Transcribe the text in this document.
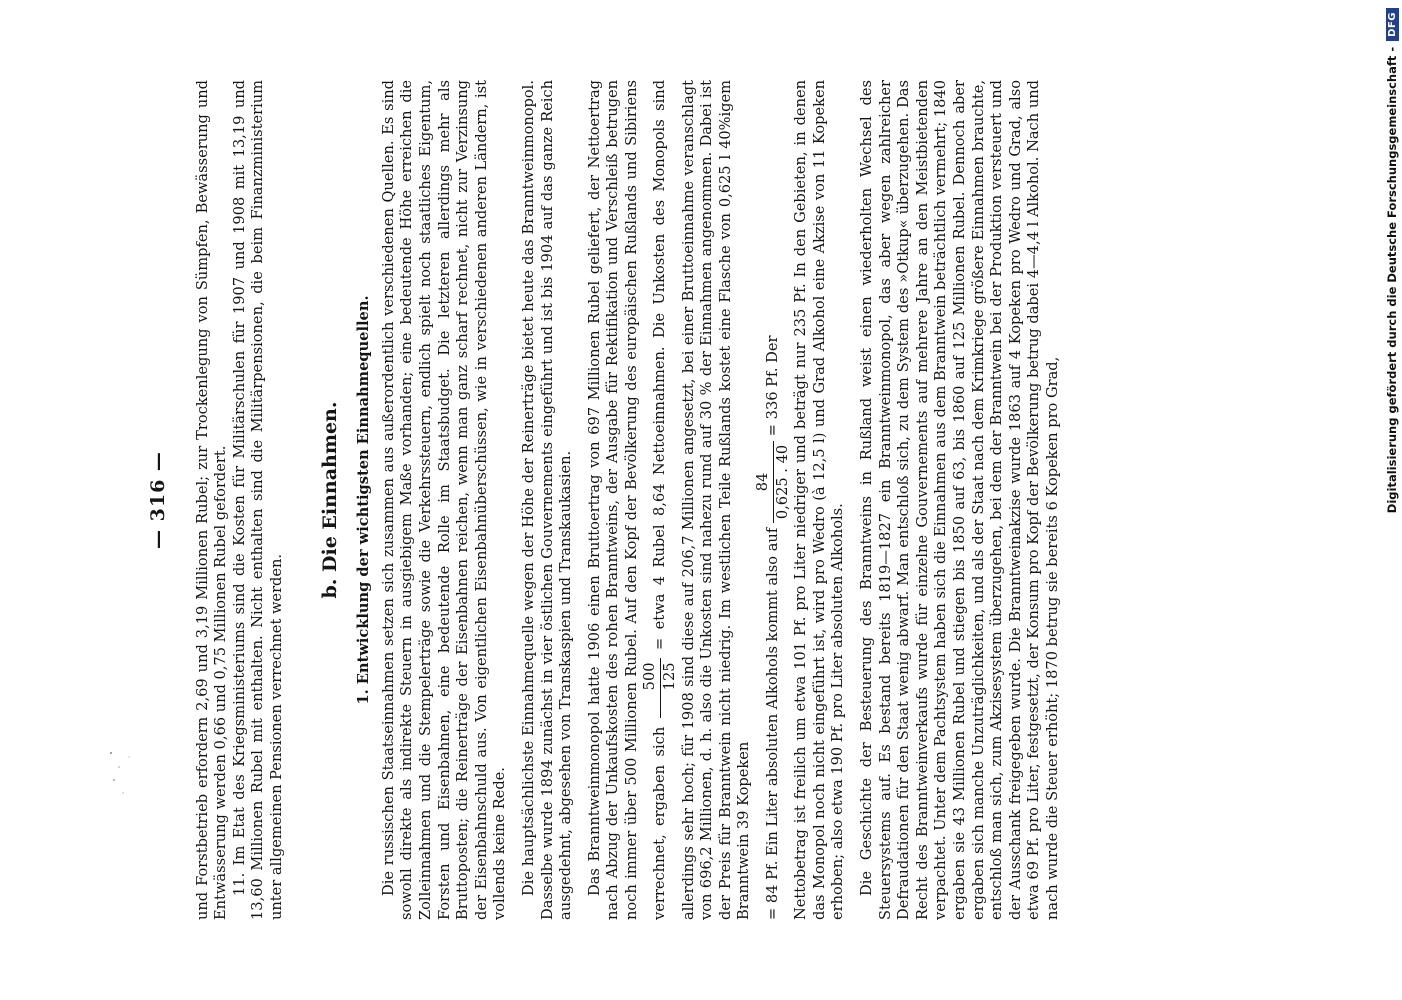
— 316 — und Forstbetrieb erfordern 2,69 und 3,19 Millionen Rubel; zur Trockenlegung von Sümpfen, Bewässerung und Entwässerung werden 0,66 und 0,75 Millionen Rubel gefordert. 11. Im Etat des Kriegsministeriums sind die Kosten für Militärschulen für 1907 und 1908 mit 13,19 und 13,60 Millionen Rubel mit enthalten. Nicht enthalten sind die Militärpensionen, die beim Finanzministerium unter allgemeinen Pensionen verrechnet werden.

b. Die Einnahmen. 1. Entwicklung der wichtigsten Einnahmequellen. Die russischen Staatseinnahmen setzen sich zusammen aus außerordentlich verschiedenen Quellen. Es sind sowohl direkte als indirekte Steuern in ausgiebigem Maße vorhanden; eine bedeutende Höhe erreichen die Zolleinnahmen und die Stempelerträge sowie die Verkehrssteuern, endlich spielt noch staatliches Eigentum, Forsten und Eisenbahnen, eine bedeutende Rolle im Staatsbudget. Die letzteren allerdings mehr als Bruttoposten; die Reinerträge der Eisenbahnen reichen, wenn man ganz scharf rechnet, nicht zur Verzinsung der Eisenbahnschuld aus. Von eigentlichen Eisenbahnüberschüssen, wie in verschiedenen anderen Ländern, ist vollends keine Rede. Die hauptsächlichste Einnahmequelle wegen der Höhe der Reinerträge bietet heute das Branntweinmonopol. Dasselbe wurde 1894 zunächst in vier östlichen Gouvernements eingeführt und ist bis 1904 auf das ganze Reich ausgedehnt, abgesehen von Transkaspien und Transkaukasien. Das Branntweinmonopol hatte 1906 einen Bruttoertrag von 697 Millionen Rubel geliefert, der Nettoertrag nach Abzug der Unkaufskosten des rohen Branntweins, der Ausgabe für Rektifikation und Verschleiß betrugen noch immer über 500 Millionen Rubel. Auf den Kopf der Bevölkerung des europäischen Rußlands und Sibiriens verrechnet, ergaben sich
500 125
= etwa 4 Rubel 8,64 Nettoeinnahmen. Die Unkosten des Monopols sind allerdings sehr hoch; für 1908 sind diese auf 206,7 Millionen angesetzt, bei einer Bruttoeinnahme veranschlagt von 696,2 Millionen, d. h. also die Unkosten sind nahezu rund auf 30 % der Einnahmen angenommen. Dabei ist der Preis für Branntwein nicht niedrig. Im westlichen Teile Rußlands kostet eine Flasche von 0,625 l 40%igem Branntwein 39 Kopeken = 84 Pf. Ein Liter absoluten Alkohols kommt also auf
84 0,625 . 40
= 336 Pf. Der Nettobetrag ist freilich um etwa 101 Pf. pro Liter niedriger und beträgt nur 235 Pf. In den Gebieten, in denen das Monopol noch nicht eingeführt ist, wird pro Wedro (à 12,5 l) und Grad Alkohol eine Akzise von 11 Kopeken erhoben; also etwa 190 Pf. pro Liter absoluten Alkohols. Die Geschichte der Besteuerung des Branntweins in Rußland weist einen wiederholten Wechsel des Steuersystems auf. Es bestand bereits 1819—1827 ein Branntweinmonopol, das aber wegen zahlreicher Defraudationen für den Staat wenig abwarf. Man entschloß sich, zu dem System des »Otkup« überzugehen. Das Recht des Branntweinverkaufs wurde für einzelne Gouvernements auf mehrere Jahre an den Meistbietenden verpachtet. Unter dem Pachtsystem haben sich die Einnahmen aus dem Branntwein beträchtlich vermehrt; 1840 ergaben sie 43 Millionen Rubel und stiegen bis 1850 auf 63, bis 1860 auf 125 Millionen Rubel. Dennoch aber ergaben sich manche Unzuträglichkeiten, und als der Staat nach dem Krimkriege größere Einnahmen brauchte, entschloß man sich, zum Akzisesystem überzugehen, bei dem der Branntwein bei der Produktion versteuert und der Ausschank freigegeben wurde. Die Branntweinakzise wurde 1863 auf 4 Kopeken pro Wedro und Grad, also etwa 69 Pf. pro Liter, festgesetzt, der Konsum pro Kopf der Bevölkerung betrug dabei 4—4,4 l Alkohol. Nach und nach wurde die Steuer erhöht; 1870 betrug sie bereits 6 Kopeken pro Grad,

Digitalisierung gefördert durch die Deutsche Forschungsgemeinschaft -
DFG
